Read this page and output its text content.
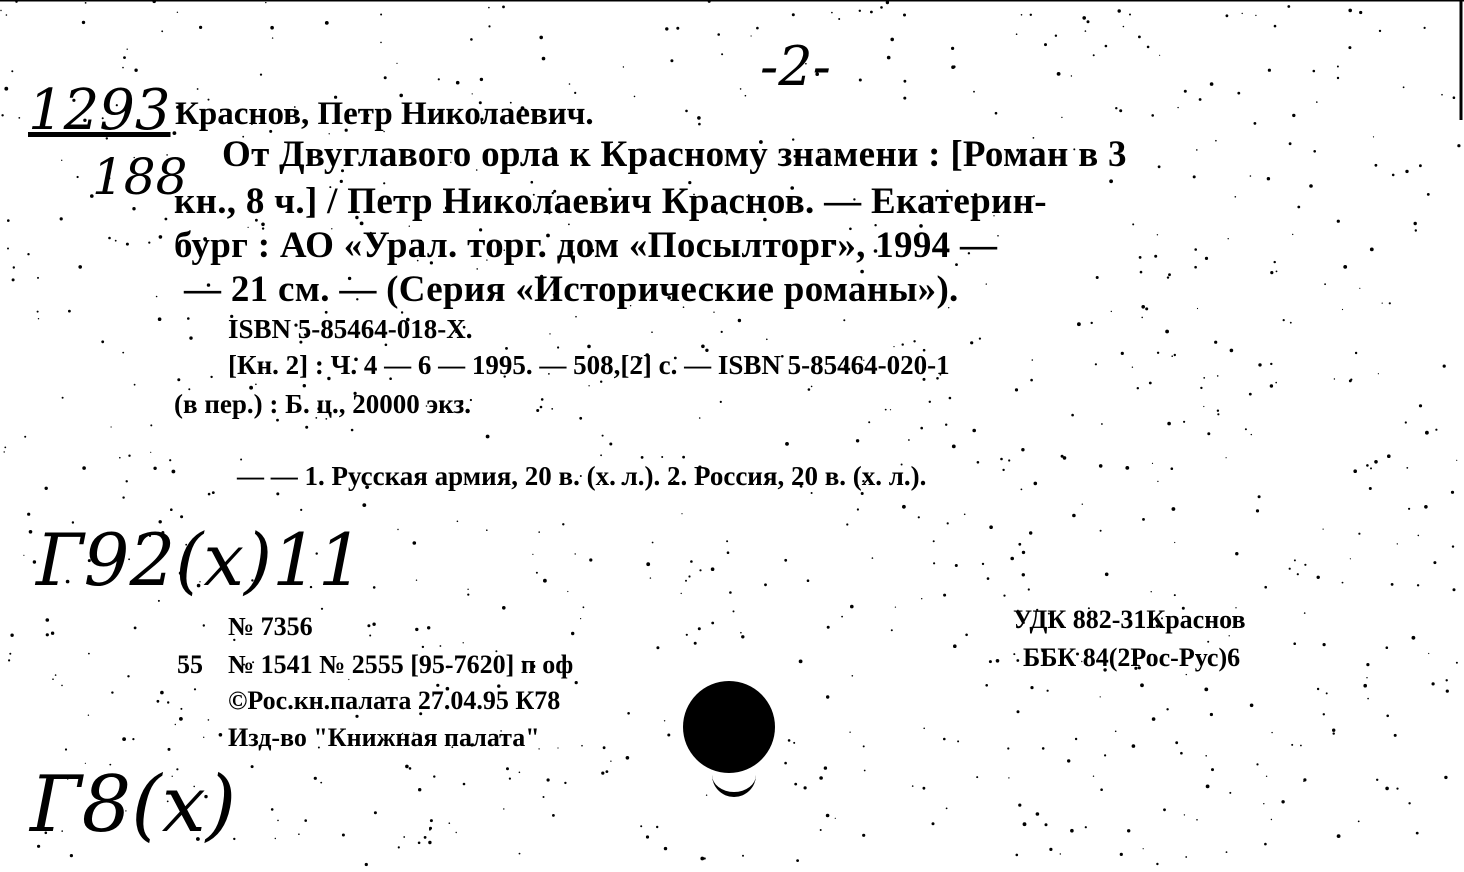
-2-
1293
188
Краснов, Петр Николаевич.
От Двуглавого орла к Красному знамени : [Роман в 3
кн., 8 ч.] / Петр Николаевич Краснов. — Екатерин-
бург : АО «Урал. торг. дом «Посылторг», 1994 —
— 21 см. — (Серия «Исторические романы»).
ISBN 5-85464-018-X.
[Кн. 2] : Ч. 4 — 6 — 1995. — 508,[2] с. — ISBN 5-85464-020-1
(в пер.) : Б. ц., 20000 экз.
— — 1. Русская армия, 20 в. (х. л.). 2. Россия, 20 в. (х. л.).
Г92(х)11
Г8(х)
№ 7356
55 № 1541 № 2555 [95-7620] п оф
©Рос.кн.палата 27.04.95 К78
Изд-во "Книжная палата"
УДК 882-31Краснов
ББК 84(2Рос-Рус)6
